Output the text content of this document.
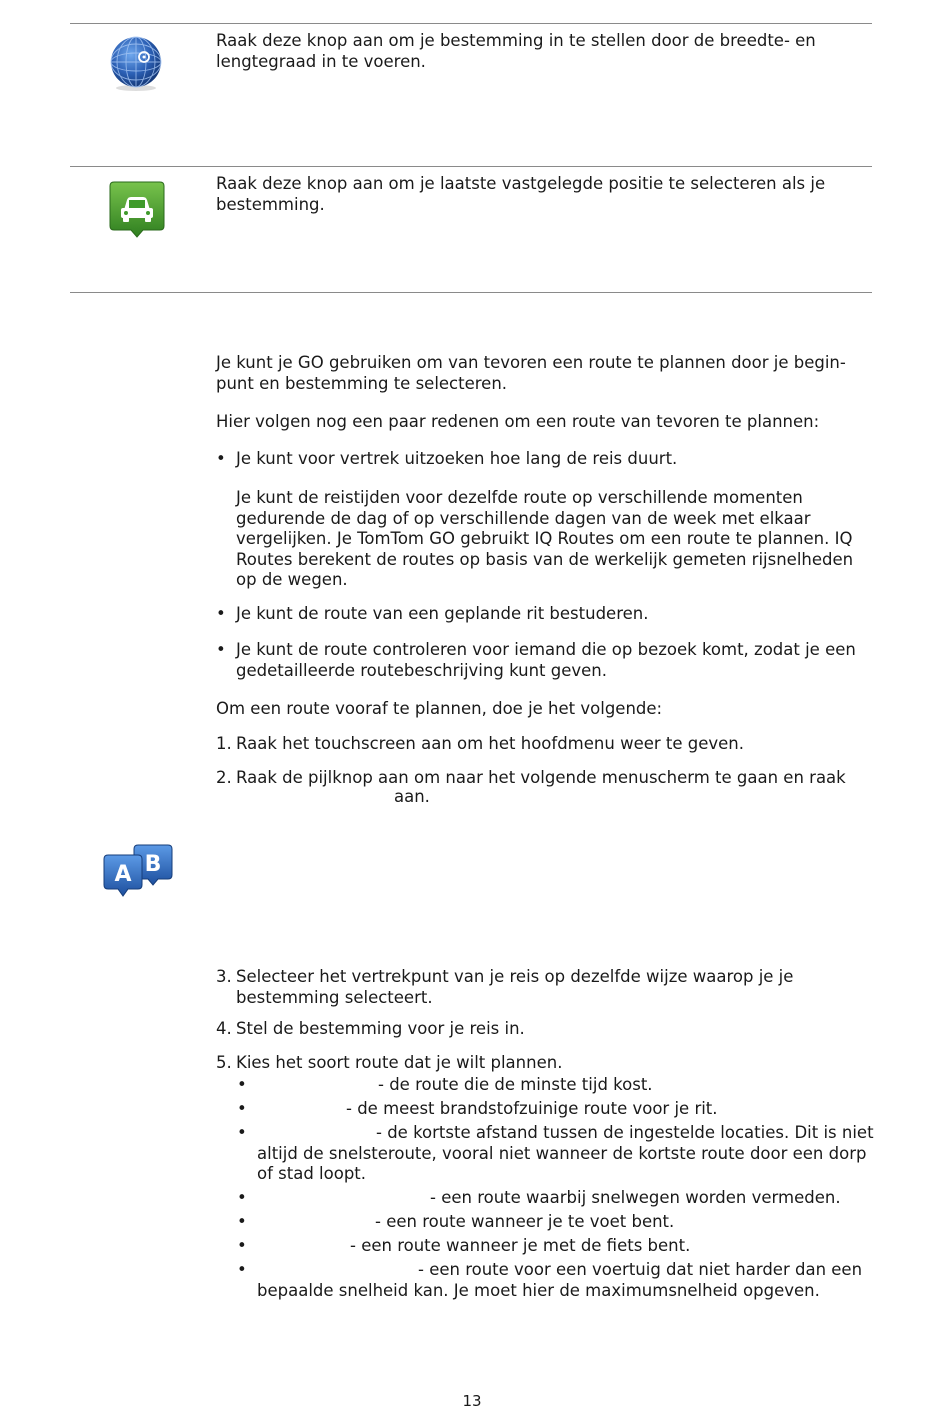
Raak deze knop aan om je bestemming in te stellen door de breedte- en lengtegraad in te voeren.

Raak deze knop aan om je laatste vastgelegde positie te selecteren als je bestemming.

Je kunt je GO gebruiken om van tevoren een route te plannen door je begin-punt en bestemming te selecteren.

Hier volgen nog een paar redenen om een route van tevoren te plannen:

• Je kunt voor vertrek uitzoeken hoe lang de reis duurt.

Je kunt de reistijden voor dezelfde route op verschillende momenten gedurende de dag of op verschillende dagen van de week met elkaar vergelijken. Je TomTom GO gebruikt IQ Routes om een route te plannen. IQ Routes berekent de routes op basis van de werkelijk gemeten rijsnelheden op de wegen.

• Je kunt de route van een geplande rit bestuderen.
• Je kunt de route controleren voor iemand die op bezoek komt, zodat je een gedetailleerde routebeschrijving kunt geven.

Om een route vooraf te plannen, doe je het volgende:

1. Raak het touchscreen aan om het hoofdmenu weer te geven.
2. Raak de pijlknop aan om naar het volgende menuscherm te gaan en raak
aan.
B
A
3. Selecteer het vertrekpunt van je reis op dezelfde wijze waarop je je bestemming selecteert.
4. Stel de bestemming voor je reis in.
5. Kies het soort route dat je wilt plannen.
•	- de route die de minste tijd kost.
•	- de meest brandstofzuinige route voor je rit.
•	- de kortste afstand tussen de ingestelde locaties. Dit is niet altijd de snelsteroute, vooral niet wanneer de kortste route door een dorp of stad loopt.
•	- een route waarbij snelwegen worden vermeden.
•	- een route wanneer je te voet bent.
•	- een route wanneer je met de fiets bent.
•	- een route voor een voertuig dat niet harder dan een bepaalde snelheid kan. Je moet hier de maximumsnelheid opgeven.
13
